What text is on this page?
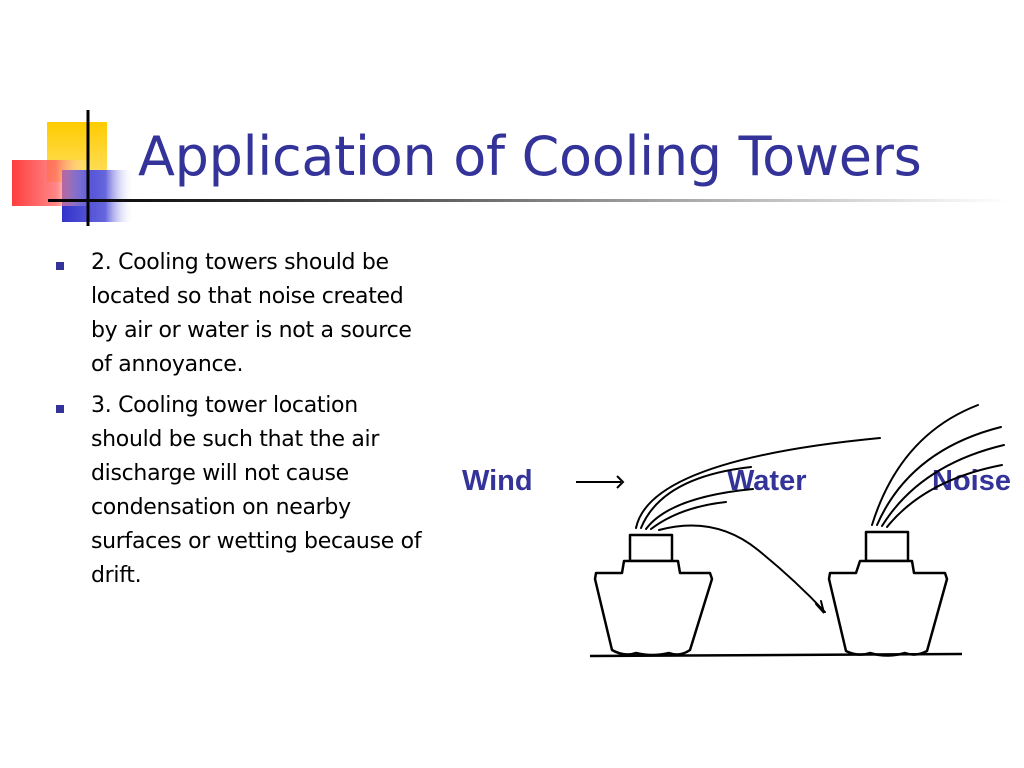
Application of Cooling Towers
2. Cooling towers should be located so that noise created by air or water is not a source of annoyance.
3. Cooling tower location should be such that the air discharge will not cause condensation on nearby surfaces or wetting because of drift.
Wind	Water	Noise
